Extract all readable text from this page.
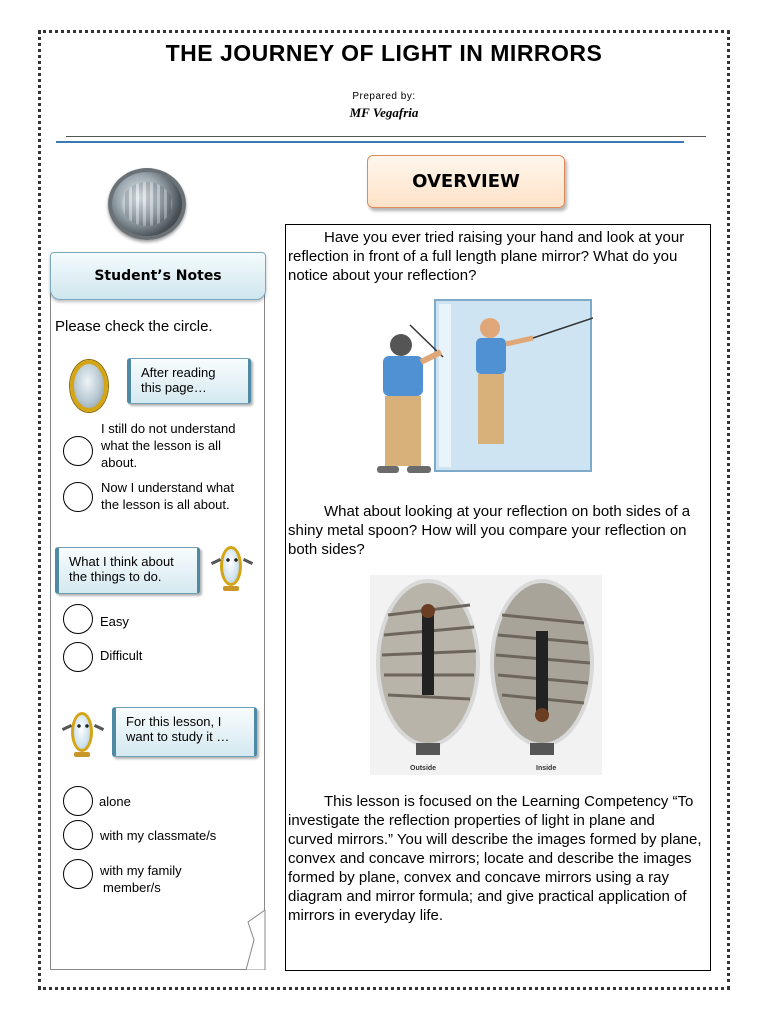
THE JOURNEY OF LIGHT IN MIRRORS
Prepared by:
MF Vegafria
Student’s Notes
Please check the circle.
After reading
this page…
I still do not understand
what the lesson is all
about.
Now I understand what
the lesson is all about.
What I think about
the things to do.
Easy
Difficult
For this lesson, I
want to study it …
alone
with my classmate/s
with my family
member/s
OVERVIEW
Have you ever tried raising your hand and look at your reflection in front of a full length plane mirror? What do you notice about your reflection?
What about looking at your reflection on both sides of a shiny metal spoon? How will you compare your reflection on both sides?
Outside	Inside
This lesson is focused on the Learning Competency “To investigate the reflection properties of light in plane and curved mirrors.” You will describe the images formed by plane, convex and concave mirrors; locate and describe the images formed by plane, convex and concave mirrors using a ray diagram and mirror formula; and give practical application of mirrors in everyday life.
